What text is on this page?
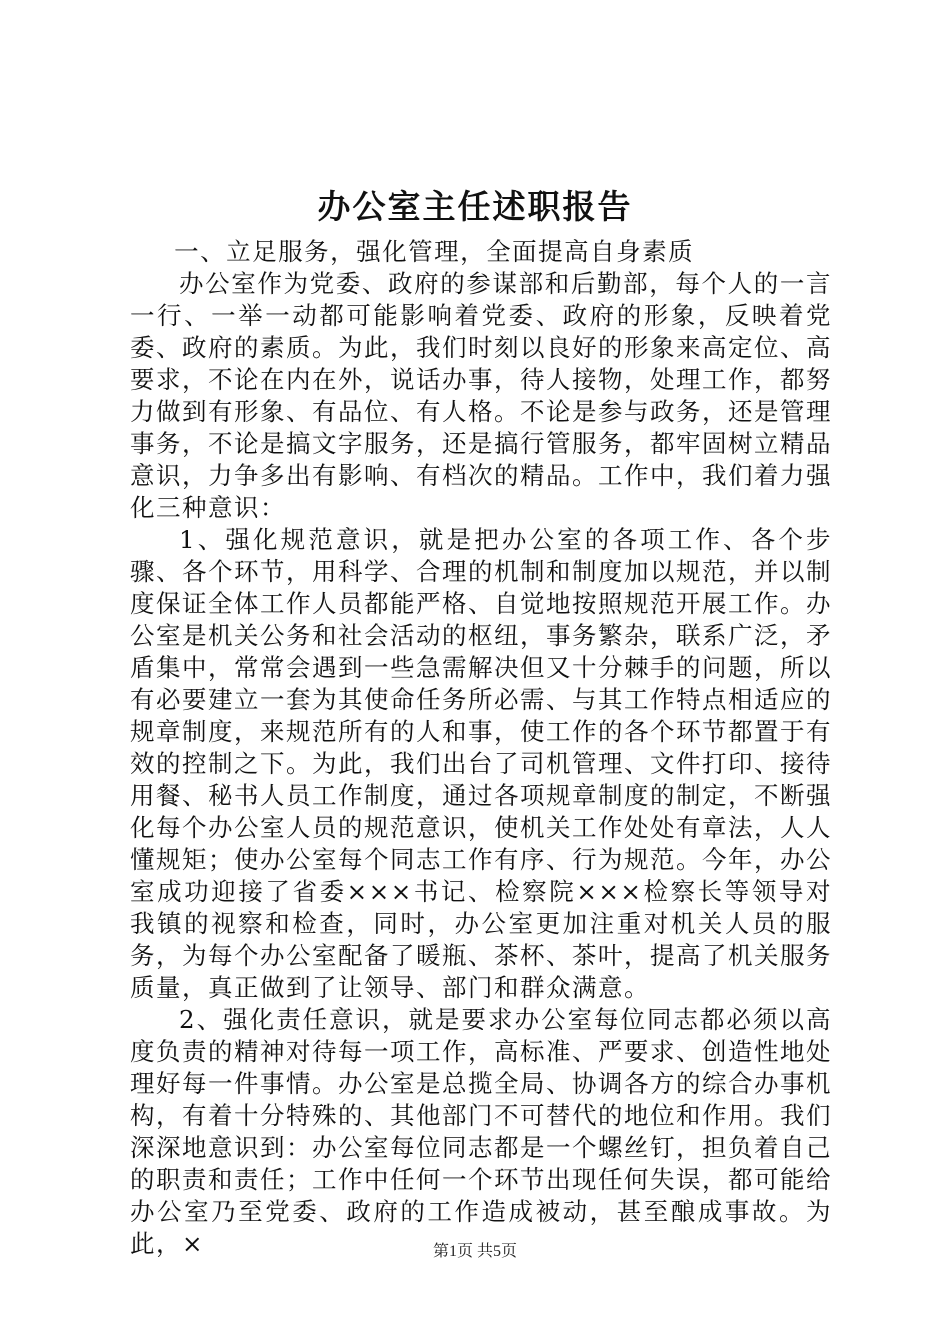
办公室主任述职报告

一、立足服务，强化管理，全面提高自身素质

办公室作为党委、政府的参谋部和后勤部，每个人的一言一行、一举一动都可能影响着党委、政府的形象，反映着党委、政府的素质。为此，我们时刻以良好的形象来高定位、高要求，不论在内在外，说话办事，待人接物，处理工作，都努力做到有形象、有品位、有人格。不论是参与政务，还是管理事务，不论是搞文字服务，还是搞行管服务，都牢固树立精品意识，力争多出有影响、有档次的精品。工作中，我们着力强化三种意识：

1、强化规范意识，就是把办公室的各项工作、各个步骤、各个环节，用科学、合理的机制和制度加以规范，并以制度保证全体工作人员都能严格、自觉地按照规范开展工作。办公室是机关公务和社会活动的枢纽，事务繁杂，联系广泛，矛盾集中，常常会遇到一些急需解决但又十分棘手的问题，所以有必要建立一套为其使命任务所必需、与其工作特点相适应的规章制度，来规范所有的人和事，使工作的各个环节都置于有效的控制之下。为此，我们出台了司机管理、文件打印、接待用餐、秘书人员工作制度，通过各项规章制度的制定，不断强化每个办公室人员的规范意识，使机关工作处处有章法，人人懂规矩；使办公室每个同志工作有序、行为规范。今年，办公室成功迎接了省委×××书记、检察院×××检察长等领导对我镇的视察和检查，同时，办公室更加注重对机关人员的服务，为每个办公室配备了暖瓶、茶杯、茶叶，提高了机关服务质量，真正做到了让领导、部门和群众满意。

2、强化责任意识，就是要求办公室每位同志都必须以高度负责的精神对待每一项工作，高标准、严要求、创造性地处理好每一件事情。办公室是总揽全局、协调各方的综合办事机构，有着十分特殊的、其他部门不可替代的地位和作用。我们深深地意识到：办公室每位同志都是一个螺丝钉，担负着自己的职责和责任；工作中任何一个环节出现任何失误，都可能给办公室乃至党委、政府的工作造成被动，甚至酿成事故。为此，×	第1页 共5页
